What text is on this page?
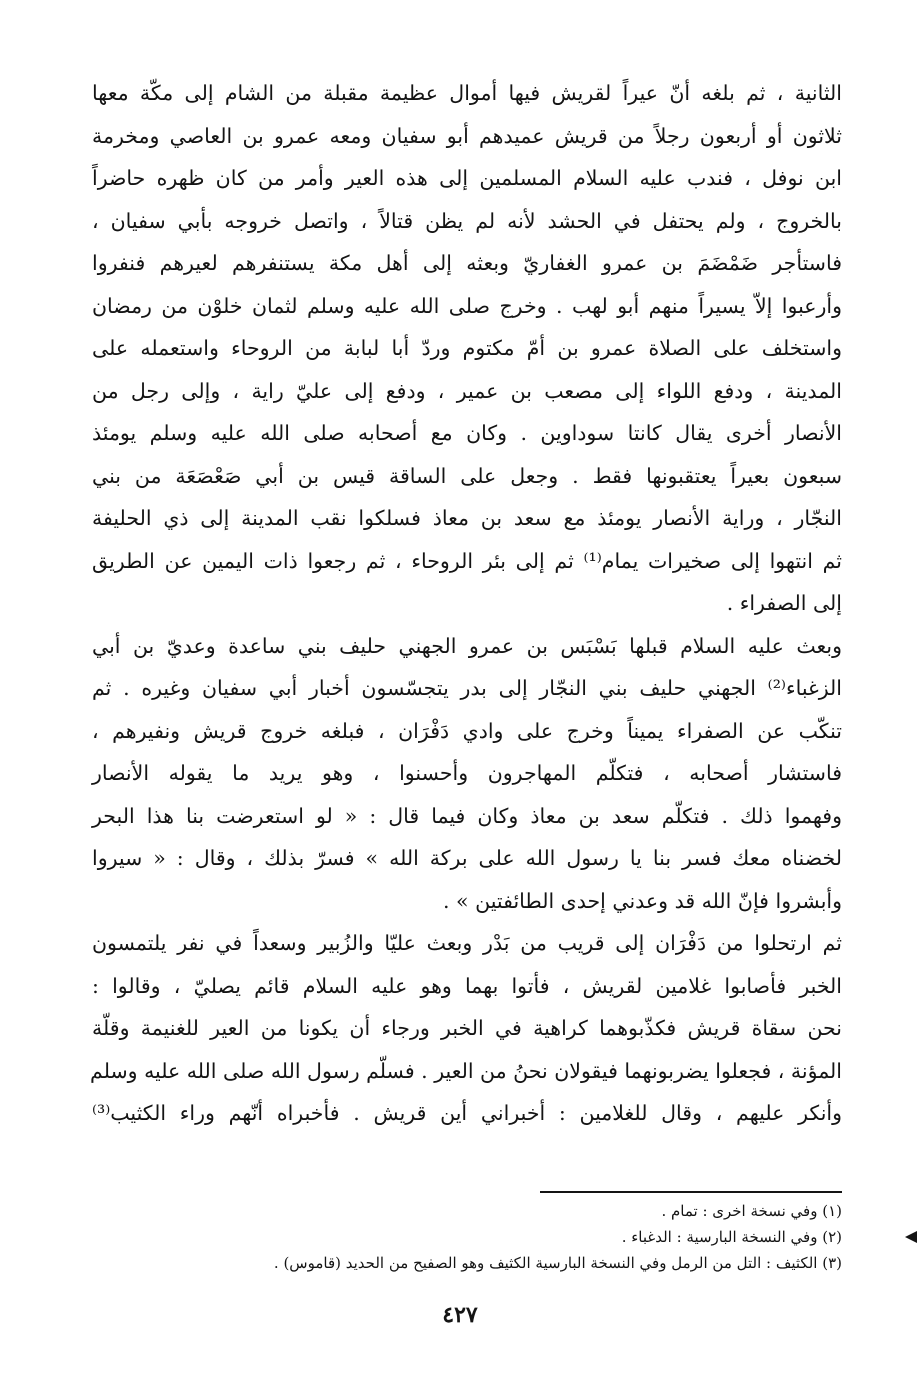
الثانية ، ثم بلغه أنّ عيراً لقريش فيها أموال عظيمة مقبلة من الشام إلى مكّة معها
ثلاثون أو أربعون رجلاً من قريش عميدهم أبو سفيان ومعه عمرو بن العاصي ومخرمة
ابن نوفل ، فندب عليه السلام المسلمين إلى هذه العير وأمر من كان ظهره حاضراً
بالخروج ، ولم يحتفل في الحشد لأنه لم يظن قتالاً ، واتصل خروجه بأبي سفيان ،
فاستأجر ضَمْضَمَ بن عمرو الغفاريّ وبعثه إلى أهل مكة يستنفرهم لعيرهم فنفروا
وأرعبوا إلاّ يسيراً منهم أبو لهب . وخرج صلى الله عليه وسلم لثمان خلوْن من رمضان
واستخلف على الصلاة عمرو بن أمّ مكتوم وردّ أبا لبابة من الروحاء واستعمله على
المدينة ، ودفع اللواء إلى مصعب بن عمير ، ودفع إلى عليّ راية ، وإلى رجل من
الأنصار أخرى يقال كانتا سوداوين . وكان مع أصحابه صلى الله عليه وسلم يومئذ
سبعون بعيراً يعتقبونها فقط . وجعل على الساقة قيس بن أبي صَعْصَعَة من بني
النجّار ، وراية الأنصار يومئذ مع سعد بن معاذ فسلكوا نقب المدينة إلى ذي الحليفة
ثم انتهوا إلى صخيرات يمام⁽¹⁾ ثم إلى بئر الروحاء ، ثم رجعوا ذات اليمين عن الطريق
إلى الصفراء .
وبعث عليه السلام قبلها بَسْبَس بن عمرو الجهني حليف بني ساعدة وعديّ بن أبي
الزغباء⁽²⁾ الجهني حليف بني النجّار إلى بدر يتجسّسون أخبار أبي سفيان وغيره . ثم
تنكّب عن الصفراء يميناً وخرج على وادي دَفْرَان ، فبلغه خروج قريش ونفيرهم ،
فاستشار أصحابه ، فتكلّم المهاجرون وأحسنوا ، وهو يريد ما يقوله الأنصار
وفهموا ذلك . فتكلّم سعد بن معاذ وكان فيما قال : « لو استعرضت بنا هذا البحر
لخضناه معك فسر بنا يا رسول الله على بركة الله » فسرّ بذلك ، وقال : « سيروا
وأبشروا فإنّ الله قد وعدني إحدى الطائفتين » .
ثم ارتحلوا من دَفْرَان إلى قريب من بَدْر وبعث عليّا والزُبير وسعداً في نفر يلتمسون
الخبر فأصابوا غلامين لقريش ، فأتوا بهما وهو عليه السلام قائم يصليّ ، وقالوا :
نحن سقاة قريش فكذّبوهما كراهية في الخبر ورجاء أن يكونا من العير للغنيمة وقلّة
المؤنة ، فجعلوا يضربونهما فيقولان نحنُ من العير . فسلّم رسول الله صلى الله عليه وسلم
وأنكر عليهم ، وقال للغلامين : أخبراني أين قريش . فأخبراه أنّهم وراء الكثيب⁽³⁾
(١) وفي نسخة اخرى : تمام .
(٢) وفي النسخة البارسية : الدغباء .
(٣) الكثيف : التل من الرمل وفي النسخة البارسية الكثيف وهو الصفيح من الحديد (قاموس) .
٤٢٧
